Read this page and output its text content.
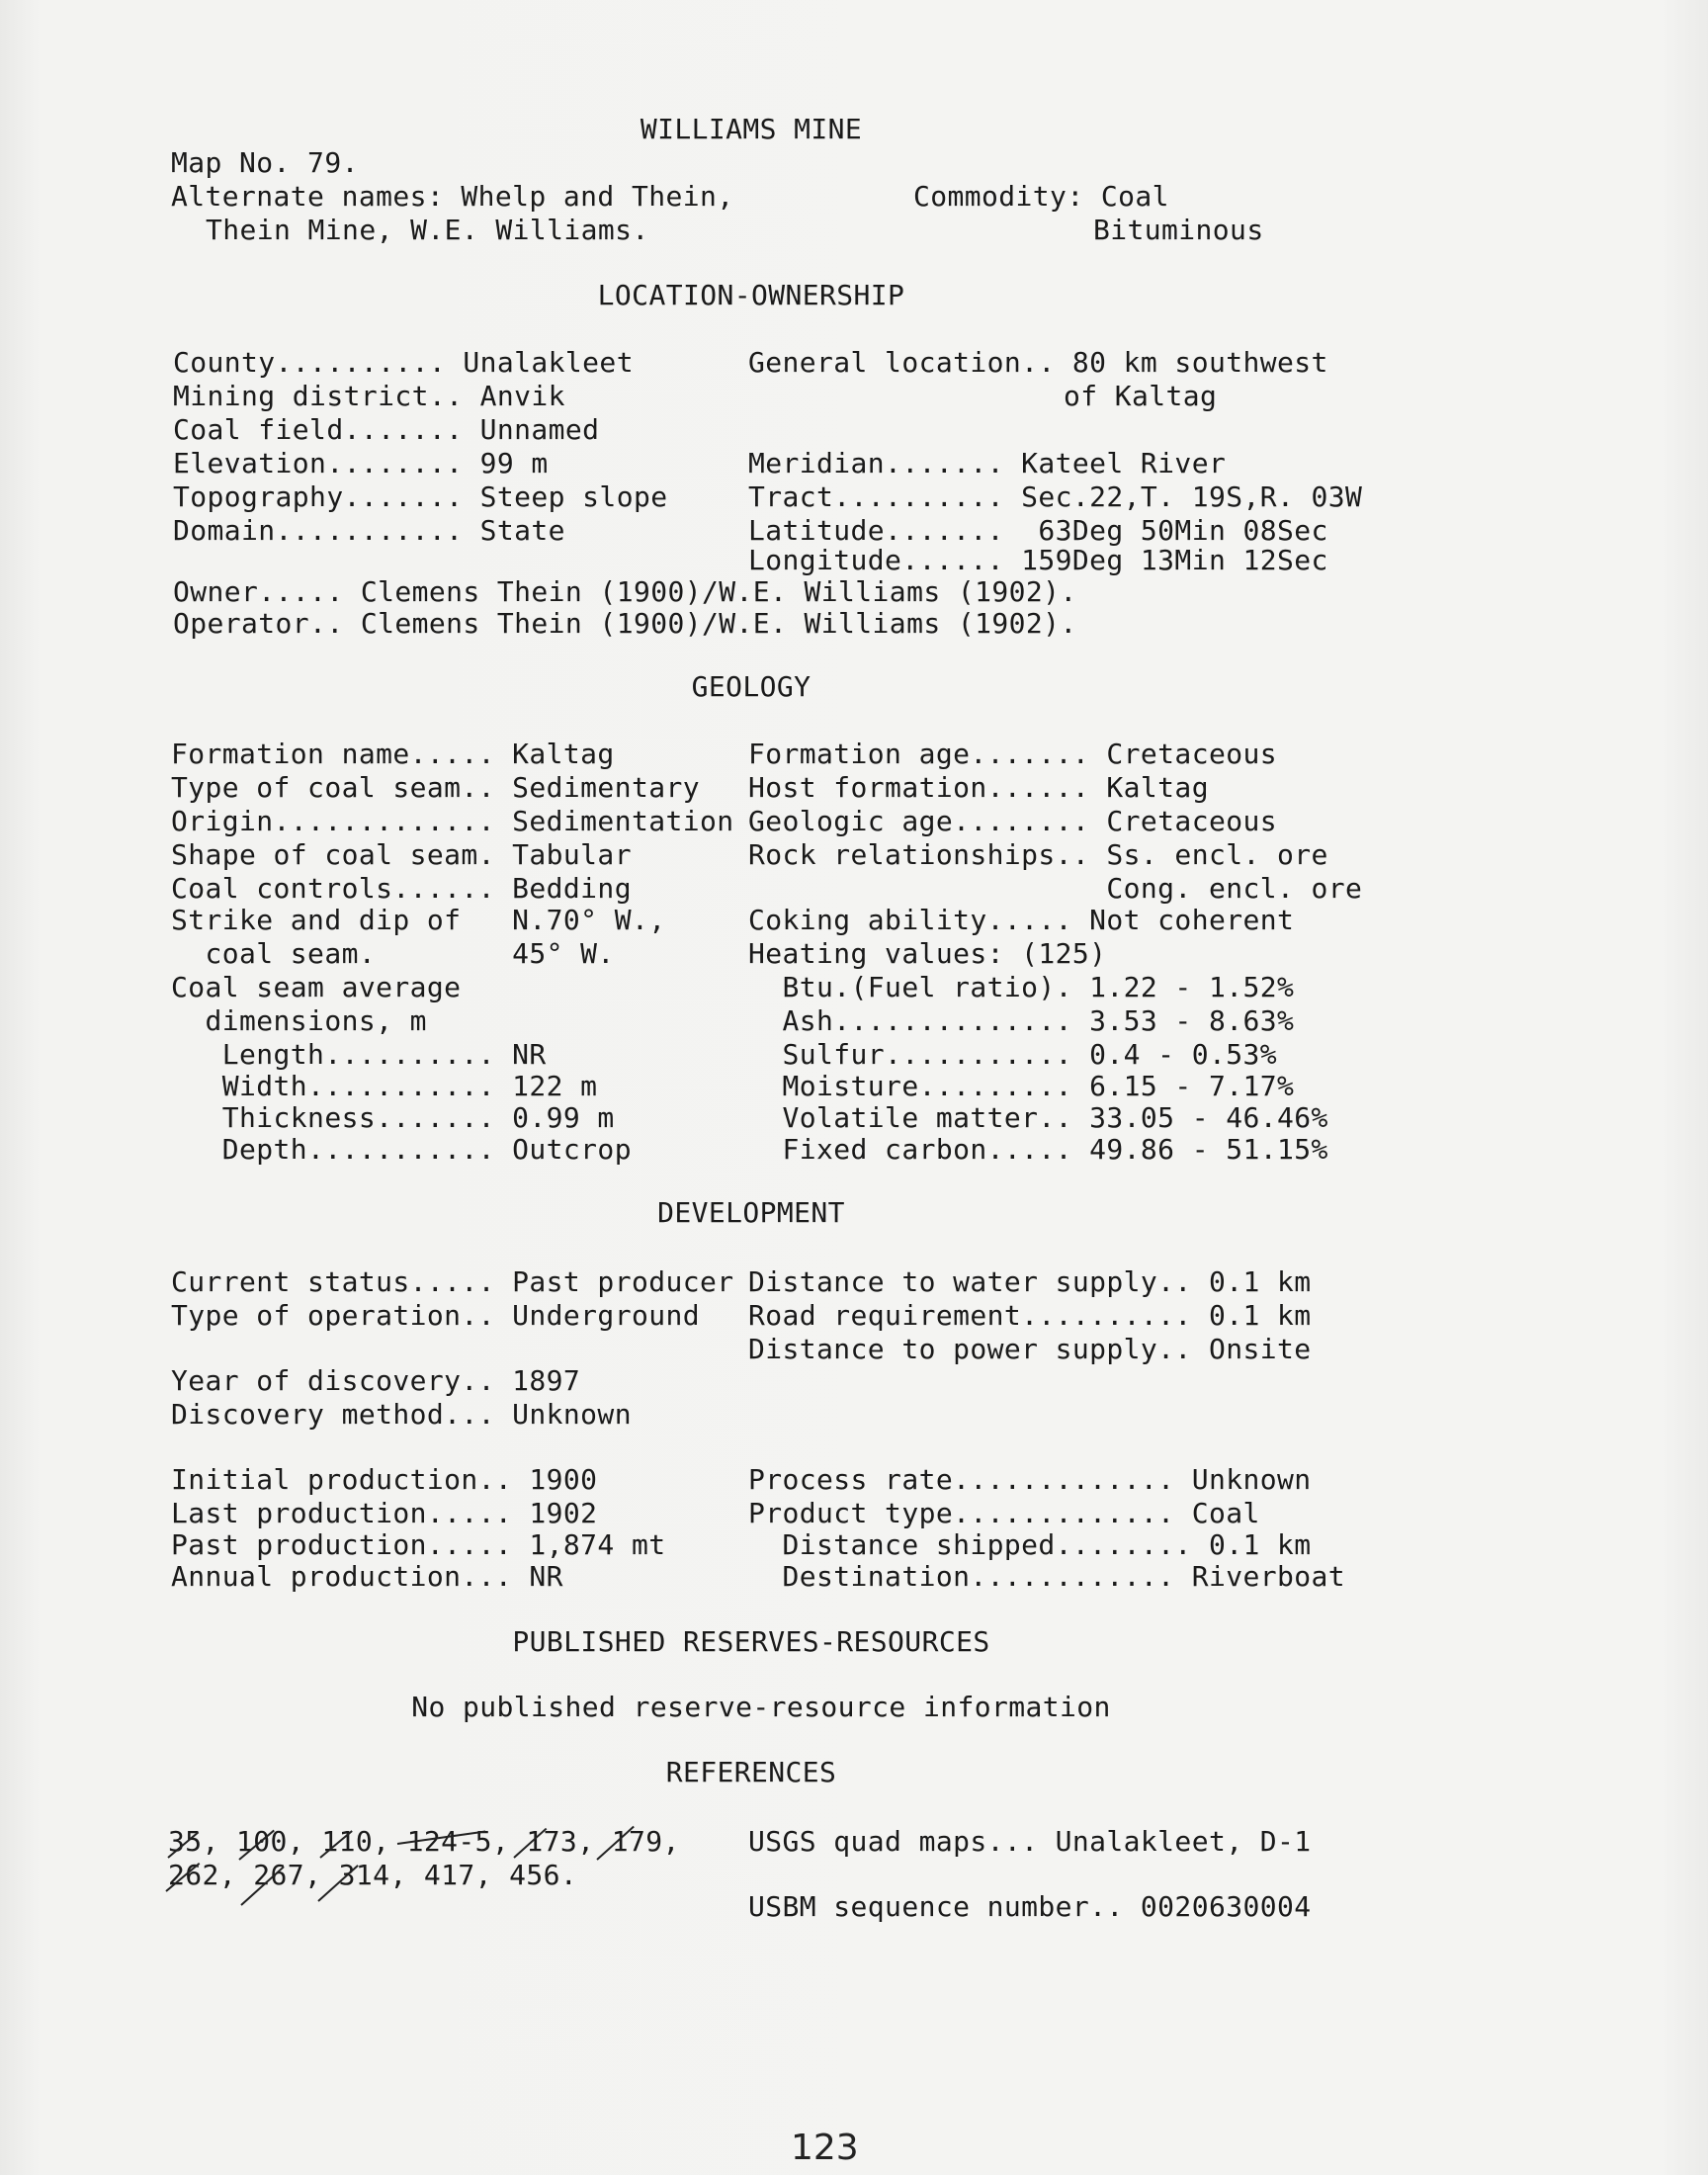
WILLIAMS MINE
Map No. 79.
Alternate names: Whelp and Thein,
Thein Mine, W.E. Williams.
Commodity: Coal
Bituminous
LOCATION-OWNERSHIP
County.......... Unalakleet
Mining district.. Anvik
Coal field....... Unnamed
Elevation........ 99 m
Topography....... Steep slope
Domain........... State
General location.. 80 km southwest
of Kaltag
Meridian....... Kateel River
Tract.......... Sec.22,T. 19S,R. 03W
Latitude.......  63Deg 50Min 08Sec
Longitude...... 159Deg 13Min 12Sec
Owner..... Clemens Thein (1900)/W.E. Williams (1902).
Operator.. Clemens Thein (1900)/W.E. Williams (1902).
GEOLOGY
Formation name..... Kaltag
Type of coal seam.. Sedimentary
Origin............. Sedimentation
Shape of coal seam. Tabular
Coal controls...... Bedding
Strike and dip of   N.70° W.,
coal seam.        45° W.
Coal seam average
dimensions, m
Length.......... NR
Width........... 122 m
Thickness....... 0.99 m
Depth........... Outcrop
Formation age....... Cretaceous
Host formation...... Kaltag
Geologic age........ Cretaceous
Rock relationships.. Ss. encl. ore
Cong. encl. ore
Coking ability..... Not coherent
Heating values: (125)
Btu.(Fuel ratio). 1.22 - 1.52%
Ash.............. 3.53 - 8.63%
Sulfur........... 0.4 - 0.53%
Moisture......... 6.15 - 7.17%
Volatile matter.. 33.05 - 46.46%
Fixed carbon..... 49.86 - 51.15%
DEVELOPMENT
Current status..... Past producer
Type of operation.. Underground
Year of discovery.. 1897
Discovery method... Unknown
Distance to water supply.. 0.1 km
Road requirement.......... 0.1 km
Distance to power supply.. Onsite
Initial production.. 1900
Last production..... 1902
Past production..... 1,874 mt
Annual production... NR
Process rate............. Unknown
Product type............. Coal
Distance shipped........ 0.1 km
Destination............ Riverboat
PUBLISHED RESERVES-RESOURCES
No published reserve-resource information
REFERENCES
35, 100, 110, 124-5, 173, 179,
262, 267, 314, 417, 456.
USGS quad maps... Unalakleet, D-1
USBM sequence number.. 0020630004
123
